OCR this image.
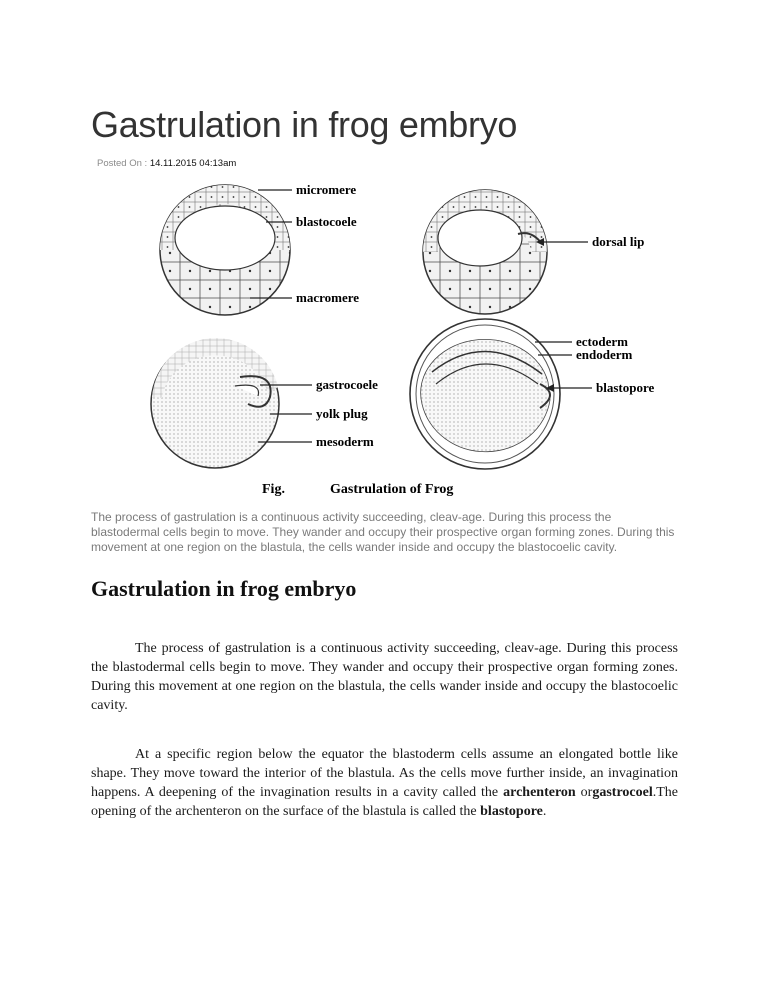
Gastrulation in frog embryo
Posted On : 14.11.2015 04:13am
micromere
blastocoele
macromere
dorsal lip
gastrocoele
yolk plug
mesoderm
ectoderm
endoderm
blastopore
Fig.	Gastrulation of Frog

The process of gastrulation is a continuous activity succeeding, cleav-age. During this process the blastodermal cells begin to move. They wander and occupy their prospective organ forming zones. During this movement at one region on the blastula, the cells wander inside and occupy the blastocoelic cavity.

Gastrulation in frog embryo

The process of gastrulation is a continuous activity succeeding, cleav-age. During this process the blastodermal cells begin to move. They wander and occupy their prospective organ forming zones. During this movement at one region on the blastula, the cells wander inside and occupy the blastocoelic cavity.

At a specific region below the equator the blastoderm cells assume an elongated bottle like shape. They move toward the interior of the blastula. As the cells move further inside, an invagination happens. A deepening of the invagination results in a cavity called the archenteron orgastrocoel.The opening of the archenteron on the surface of the blastula is called the blastopore.
